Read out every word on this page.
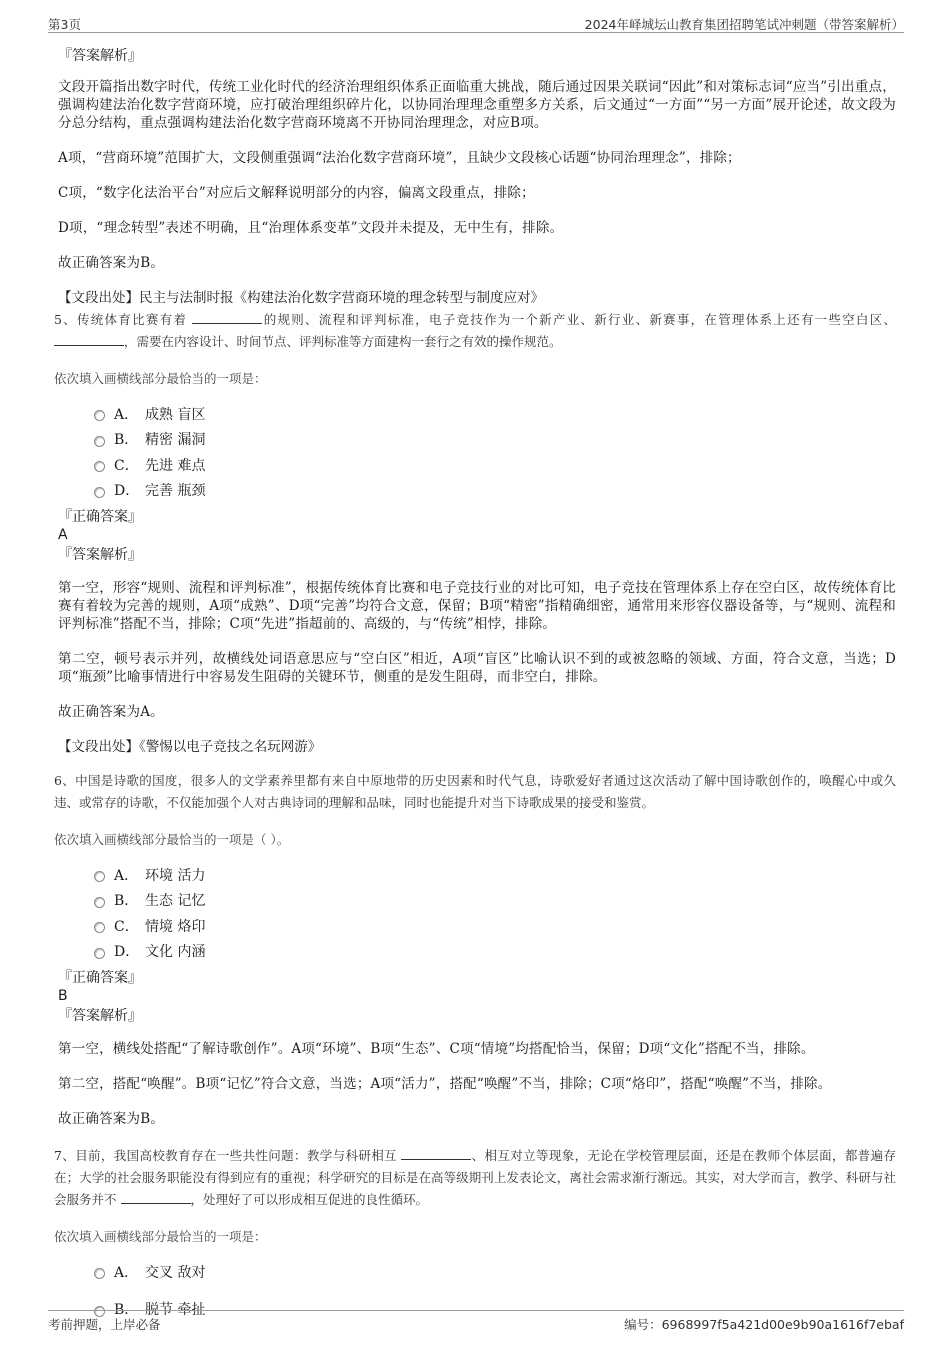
第3页	2024年峄城坛山教育集团招聘笔试冲刺题（带答案解析）
『答案解析』

文段开篇指出数字时代，传统工业化时代的经济治理组织体系正面临重大挑战，随后通过因果关联词“因此”和对策标志词“应当”引出重点，强调构建法治化数字营商环境，应打破治理组织碎片化，以协同治理理念重塑多方关系，后文通过“一方面”“另一方面”展开论述，故文段为分总分结构，重点强调构建法治化数字营商环境离不开协同治理理念，对应B项。

A项，“营商环境”范围扩大，文段侧重强调“法治化数字营商环境”，且缺少文段核心话题“协同治理理念”，排除；

C项，“数字化法治平台”对应后文解释说明部分的内容，偏离文段重点，排除；

D项，“理念转型”表述不明确，且“治理体系变革”文段并未提及，无中生有，排除。

故正确答案为B。

【文段出处】民主与法制时报《构建法治化数字营商环境的理念转型与制度应对》
5、传统体育比赛有着	的规则、流程和评判标准，电子竞技作为一个新产业、新行业、新赛事，在管理体系上还有一些空白区、 ，需要在内容设计、时间节点、评判标准等方面建构一套行之有效的操作规范。
依次填入画横线部分最恰当的一项是：
A． 成熟 盲区
B． 精密 漏洞
C． 先进 难点
D． 完善 瓶颈
『正确答案』
A
『答案解析』

第一空，形容“规则、流程和评判标准”，根据传统体育比赛和电子竞技行业的对比可知，电子竞技在管理体系上存在空白区，故传统体育比赛有着较为完善的规则，A项“成熟”、D项“完善”均符合文意，保留；B项“精密”指精确细密，通常用来形容仪器设备等，与“规则、流程和评判标准”搭配不当，排除；C项“先进”指超前的、高级的，与“传统”相悖，排除。

第二空，顿号表示并列，故横线处词语意思应与“空白区”相近，A项“盲区”比喻认识不到的或被忽略的领域、方面，符合文意，当选；D项“瓶颈”比喻事情进行中容易发生阻碍的关键环节，侧重的是发生阻碍，而非空白，排除。

故正确答案为A。

【文段出处】《警惕以电子竞技之名玩网游》
6、中国是诗歌的国度，很多人的文学素养里都有来自中原地带的历史因素和时代气息，诗歌爱好者通过这次活动了解中国诗歌创作的，唤醒心中或久违、或常存的诗歌，不仅能加强个人对古典诗词的理解和品味，同时也能提升对当下诗歌成果的接受和鉴赏。
依次填入画横线部分最恰当的一项是（ ）。
A． 环境 活力
B． 生态 记忆
C． 情境 烙印
D． 文化 内涵
『正确答案』
B
『答案解析』

第一空，横线处搭配“了解诗歌创作”。A项“环境”、B项“生态”、C项“情境”均搭配恰当，保留；D项“文化”搭配不当，排除。

第二空，搭配“唤醒”。B项“记忆”符合文意，当选；A项“活力”，搭配“唤醒”不当，排除；C项“烙印”，搭配“唤醒”不当，排除。

故正确答案为B。

7、目前，我国高校教育存在一些共性问题：教学与科研相互	、相互对立等现象，无论在学校管理层面，还是在教师个体层面，都普遍存在；大学的社会服务职能没有得到应有的重视；科学研究的目标是在高等级期刊上发表论文，离社会需求渐行渐远。其实，对大学而言，教学、科研与社会服务并不	，处理好了可以形成相互促进的良性循环。
依次填入画横线部分最恰当的一项是：
A． 交叉 敌对
B． 脱节 牵扯
考前押题，上岸必备	编号：6968997f5a421d00e9b90a1616f7ebaf
